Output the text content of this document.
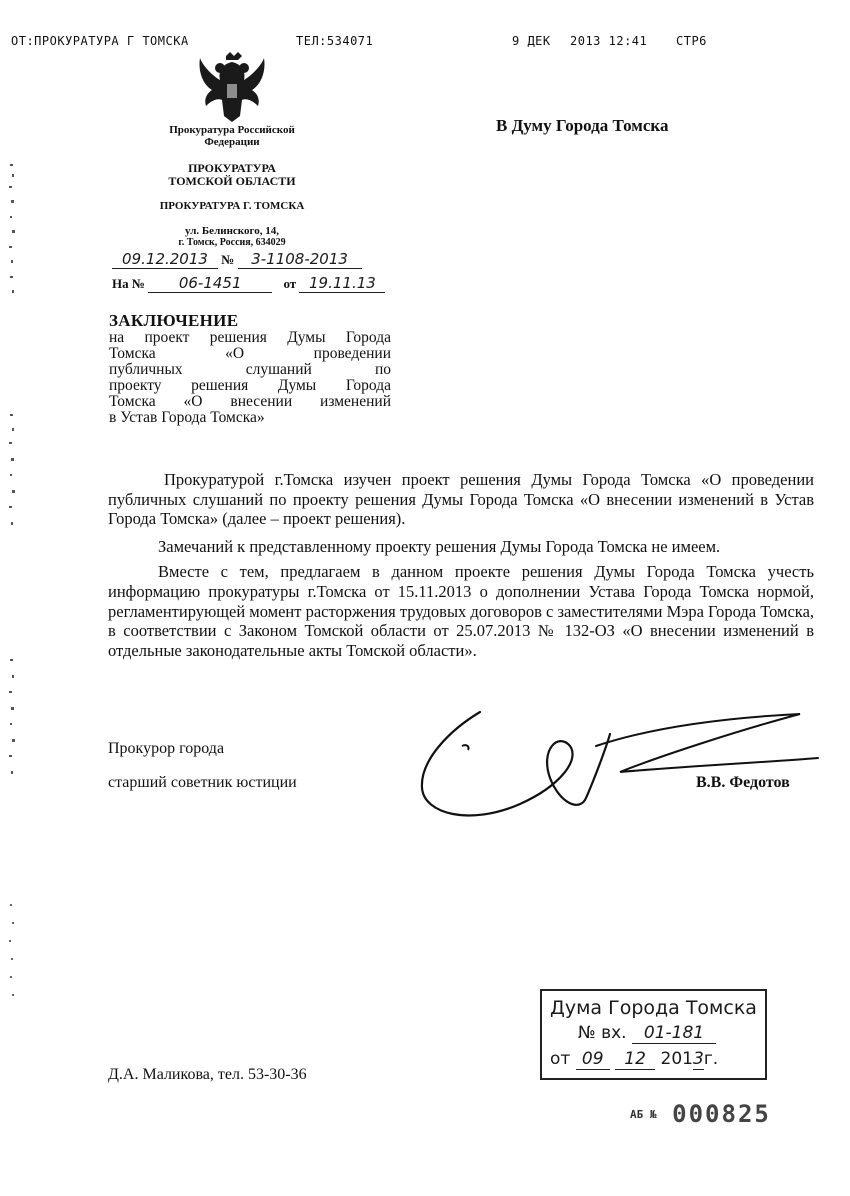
ОТ:ПРОКУРАТУРА Г ТОМСКА	ТЕЛ:534071	9 ДЕК 2013 12:41 СТР6
Прокуратура Российской
Федерации
ПРОКУРАТУРА
ТОМСКОЙ ОБЛАСТИ
ПРОКУРАТУРА Г. ТОМСКА
ул. Белинского, 14,
г. Томск, Россия, 634029
09.12.2013 № 3-1108-2013
На № 06-1451	от 19.11.13
В Думу Города Томска
ЗАКЛЮЧЕНИЕ
на проект решения Думы Города
Томска «О проведении
публичных слушаний по
проекту решения Думы Города
Томска «О внесении изменений
в Устав Города Томска»

Прокуратурой г.Томска изучен проект решения Думы Города Томска «О проведении публичных слушаний по проекту решения Думы Города Томска «О внесении изменений в Устав Города Томска» (далее – проект решения).

Замечаний к представленному проекту решения Думы Города Томска не имеем.

Вместе с тем, предлагаем в данном проекте решения Думы Города Томска учесть информацию прокуратуры г.Томска от 15.11.2013 о дополнении Устава Города Томска нормой, регламентирующей момент расторжения трудовых договоров с заместителями Мэра Города Томска, в соответствии с Законом Томской области от 25.07.2013 № 132-ОЗ «О внесении изменений в отдельные законодательные акты Томской области».

Прокурор города
старший советник юстиции	В.В. Федотов
Д.А. Маликова, тел. 53-30-36
Дума Города Томска
№ вх. 01-181
от 09 12 2013г.
АБ № 000825
